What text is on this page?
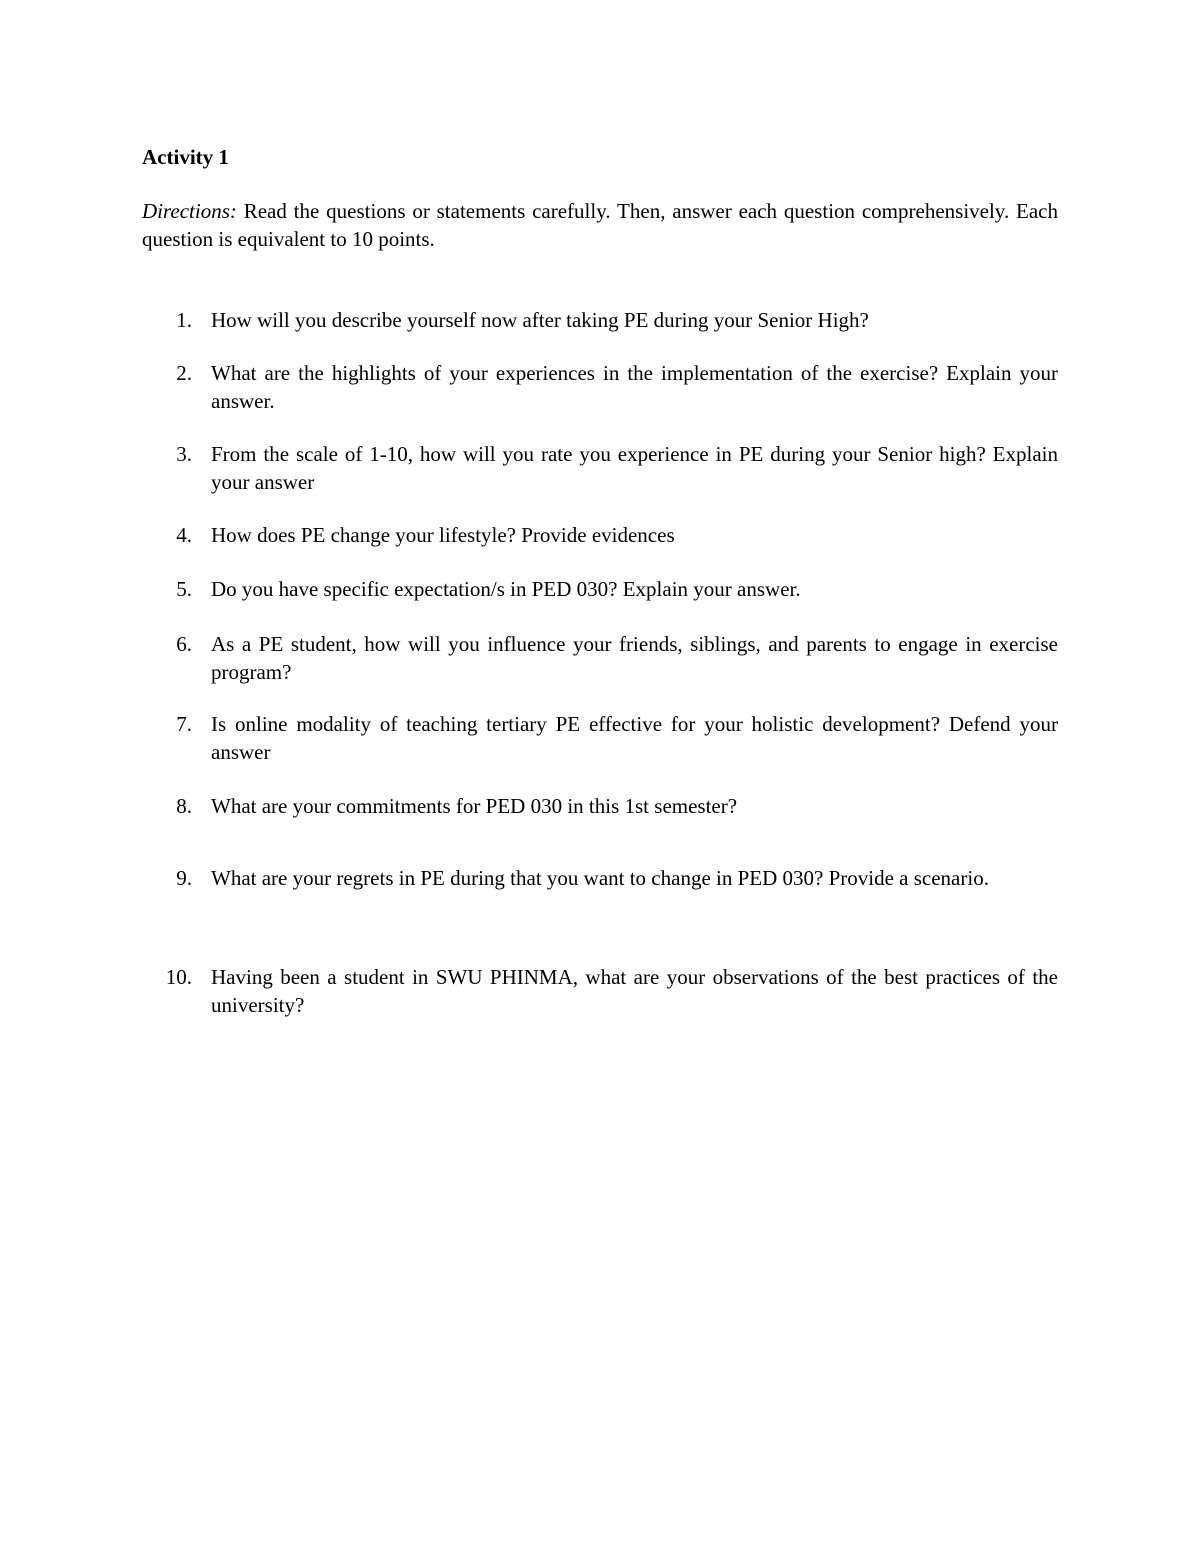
Activity 1

Directions: Read the questions or statements carefully. Then, answer each question comprehensively. Each question is equivalent to 10 points.

1. How will you describe yourself now after taking PE during your Senior High?
2. What are the highlights of your experiences in the implementation of the exercise? Explain your answer.
3. From the scale of 1-10, how will you rate you experience in PE during your Senior high? Explain your answer
4. How does PE change your lifestyle? Provide evidences
5. Do you have specific expectation/s in PED 030? Explain your answer.
6. As a PE student, how will you influence your friends, siblings, and parents to engage in exercise program?
7. Is online modality of teaching tertiary PE effective for your holistic development? Defend your answer
8. What are your commitments for PED 030 in this 1st semester?
9. What are your regrets in PE during that you want to change in PED 030? Provide a scenario.
10. Having been a student in SWU PHINMA, what are your observations of the best practices of the university?
